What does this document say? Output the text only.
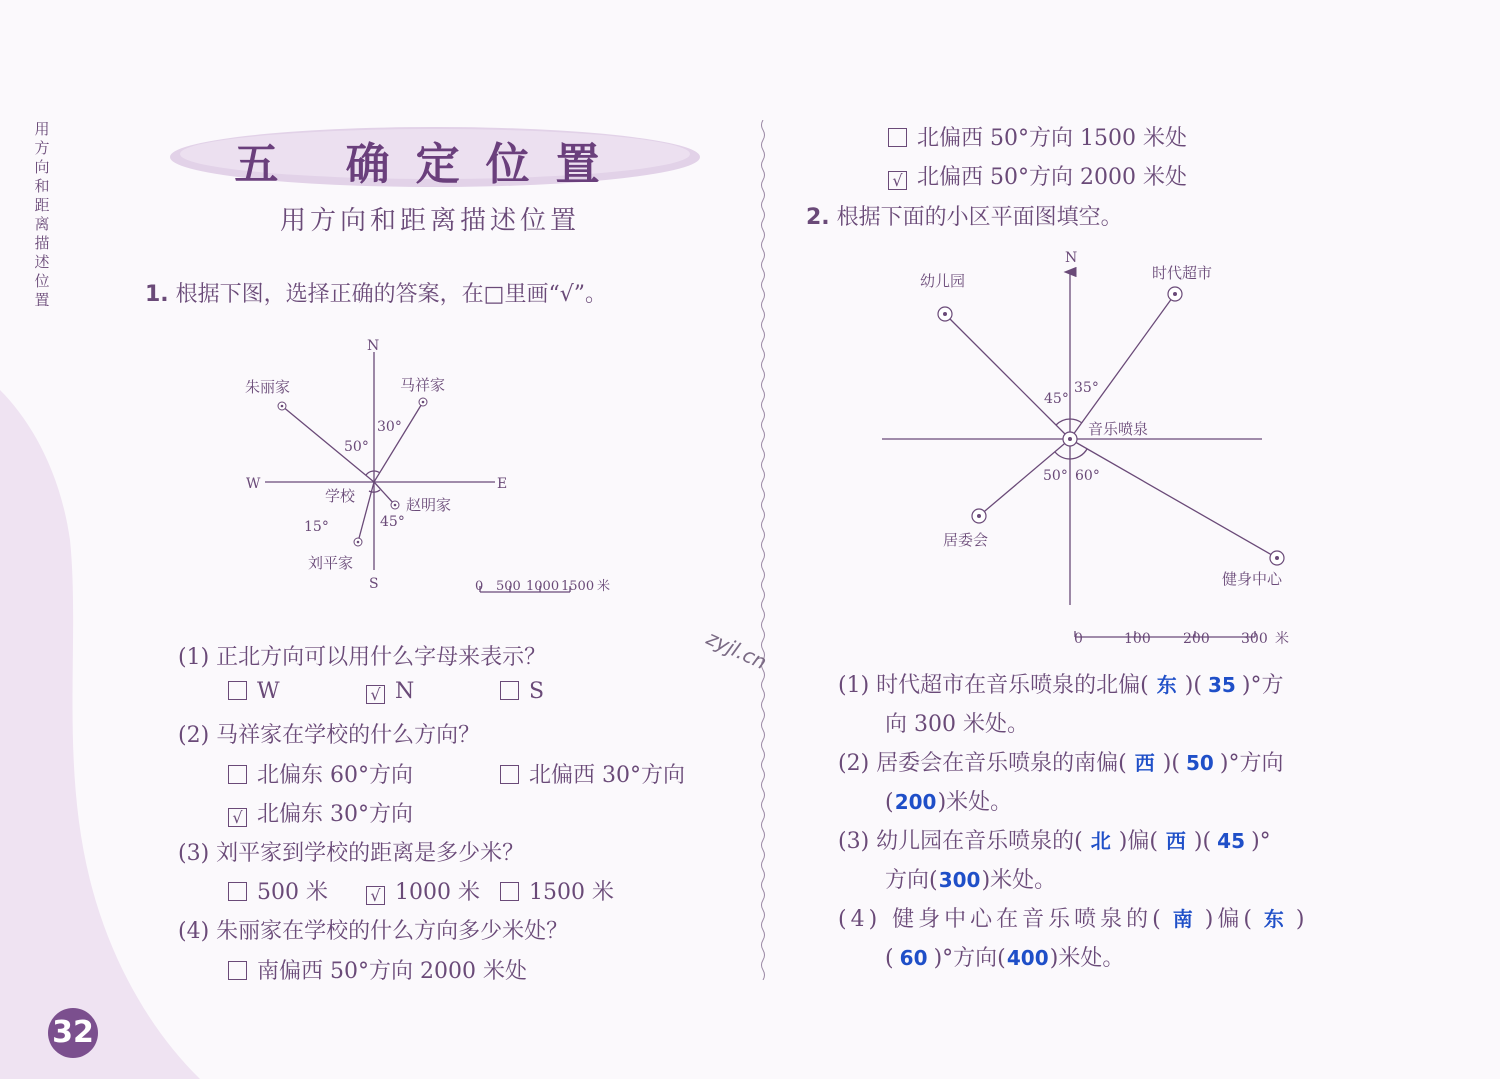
用方向和距离描述位置
32
五 确定位置
用方向和距离描述位置
1. 根据下图，选择正确的答案，在□里画“√”。
N
S
E
W
朱丽家	马祥家
学校	赵明家
刘平家
50°
30°
45°
15°
0 500 1000 1500 米
(1) 正北方向可以用什么字母来表示？
W	√ N	S
(2) 马祥家在学校的什么方向？
北偏东 60°方向	北偏西 30°方向
√ 北偏东 30°方向
(3) 刘平家到学校的距离是多少米？
500 米	√ 1000 米	1500 米
(4) 朱丽家在学校的什么方向多少米处？
南偏西 50°方向 2000 米处
北偏西 50°方向 1500 米处
√ 北偏西 50°方向 2000 米处
zyjl.cn
2. 根据下面的小区平面图填空。
N
幼儿园	时代超市
音乐喷泉
居委会
健身中心
45°
35°
50° 60°
0	100 200 300 米
(1) 时代超市在音乐喷泉的北偏( 东 )( 35 )°方
向 300 米处。
(2) 居委会在音乐喷泉的南偏( 西 )( 50 )°方向
(200)米处。
(3) 幼儿园在音乐喷泉的( 北 )偏( 西 )( 45 )°
方向(300)米处。
(4) 健身中心在音乐喷泉的( 南 )偏( 东 )
( 60 )°方向(400)米处。
